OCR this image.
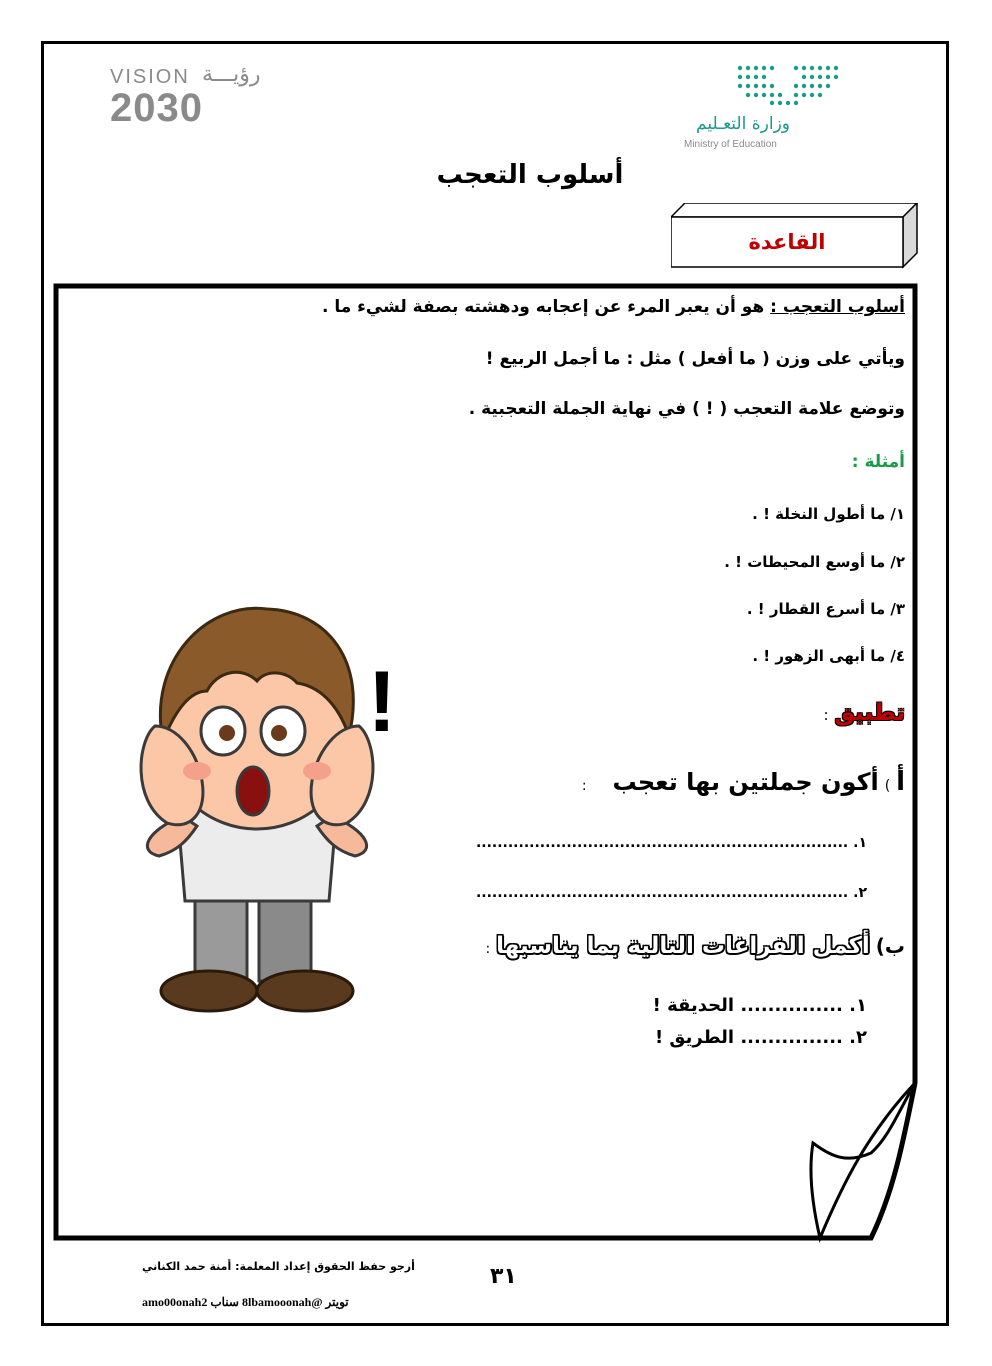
VISION رؤيـــة
2030	وزارة التعـليم
Ministry of Education
أسلوب التعجب
القاعدة
!
أسلوب التعجب : هو أن يعبر المرء عن إعجابه ودهشته بصفة لشيء ما .
ويأتي على وزن ( ما أفعل ) مثل : ما أجمل الربيع !
وتوضع علامة التعجب ( ! ) في نهاية الجملة التعجبية .
أمثلة :
١/ ما أطول النخلة ! .
٢/ ما أوسع المحيطات ! .
٣/ ما أسرع القطار ! .
٤/ ما أبهى الزهور ! .
تطبيق :
أ ) أكون جملتين بها تعجب :
١. ......................................................................
٢. ......................................................................
ب) أكمل الفراغات التالية بما يناسبها :
١. ............... الحديقة !
٢. ............... الطريق !
أرجو حفظ الحقوق إعداد المعلمة: أمنة حمد الكناني
تويتر @8lbamooonah سناب amo00onah2
٣١
